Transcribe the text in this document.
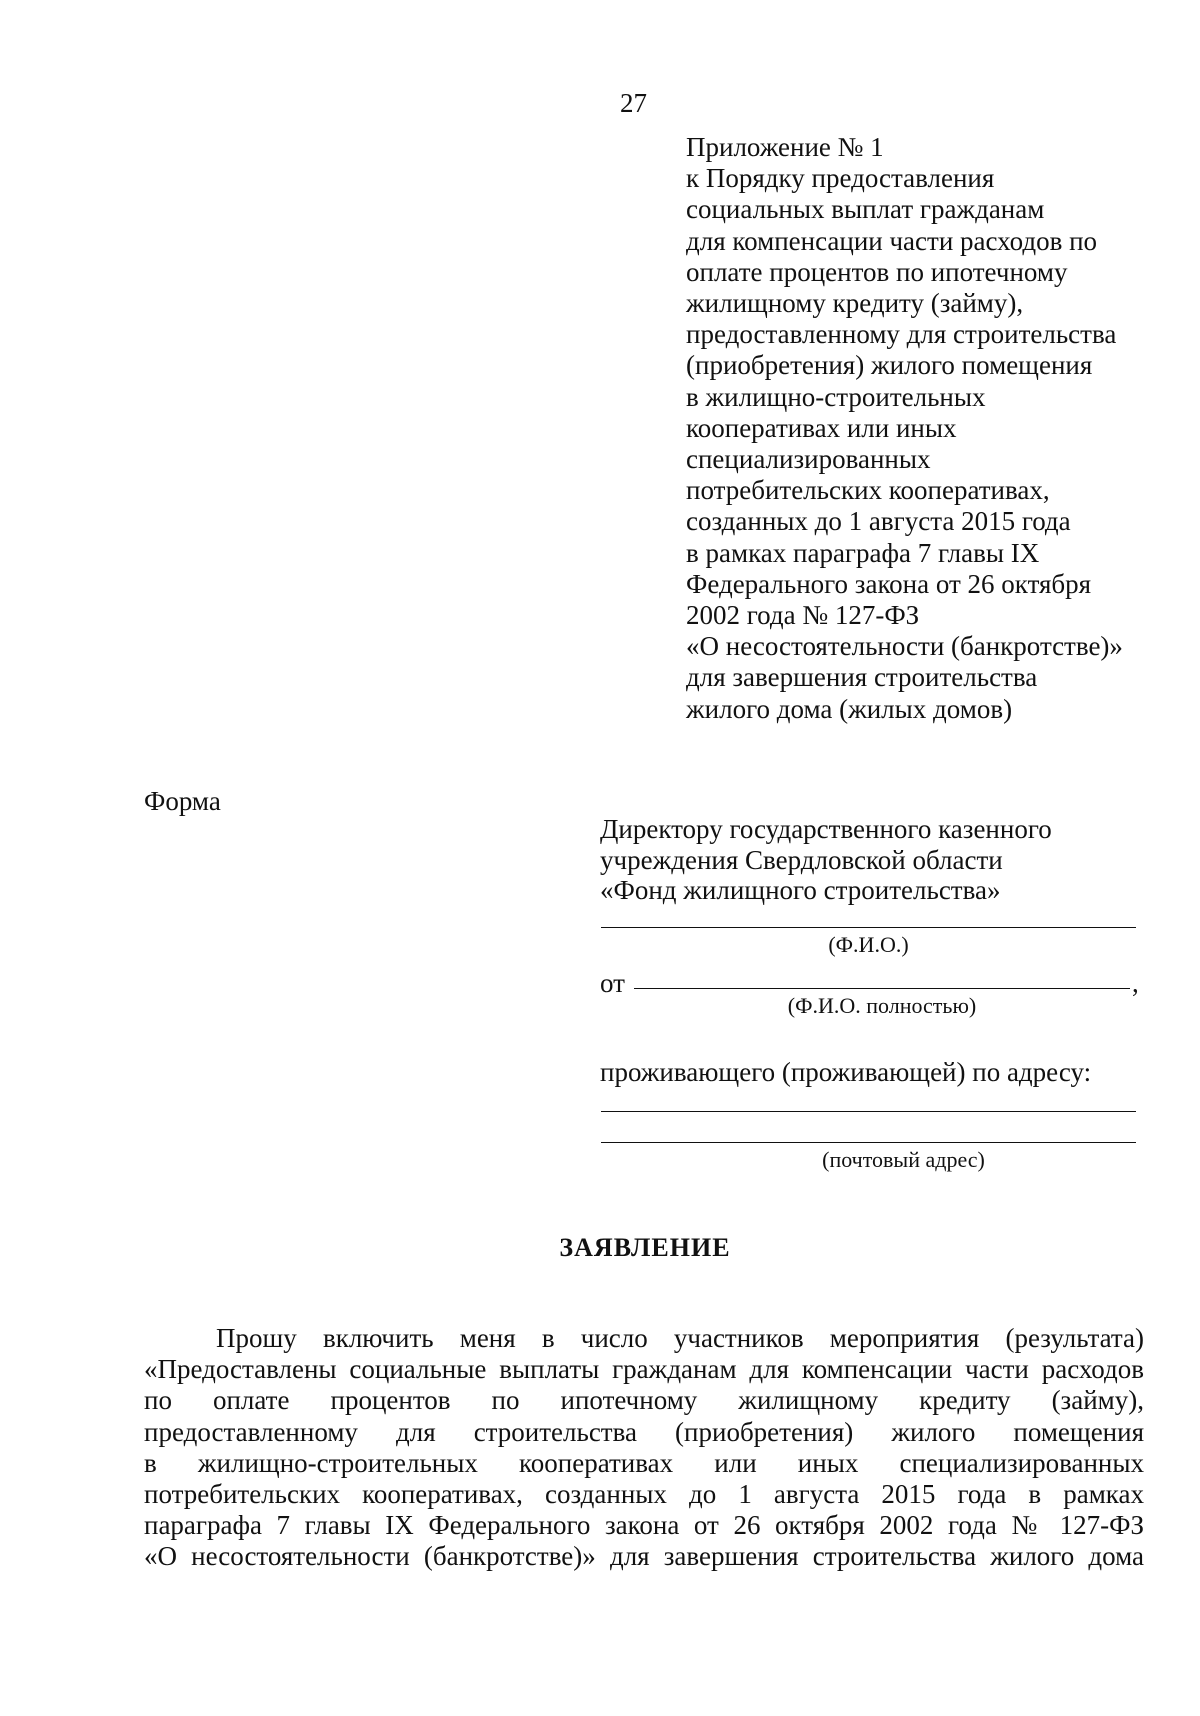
27
Приложение № 1
к Порядку предоставления
социальных выплат гражданам
для компенсации части расходов по
оплате процентов по ипотечному
жилищному кредиту (займу),
предоставленному для строительства
(приобретения) жилого помещения
в жилищно-строительных
кооперативах или иных
специализированных
потребительских кооперативах,
созданных до 1 августа 2015 года
в рамках параграфа 7 главы IX
Федерального закона от 26 октября
2002 года № 127-ФЗ
«О несостоятельности (банкротстве)»
для завершения строительства
жилого дома (жилых домов)
Форма
Директору государственного казенного
учреждения Свердловской области
«Фонд жилищного строительства»
(Ф.И.О.)
от	,
(Ф.И.О. полностью)
проживающего (проживающей) по адресу:
(почтовый адрес)
ЗАЯВЛЕНИЕ
Прошу включить меня в число участников мероприятия (результата)
«Предоставлены социальные выплаты гражданам для компенсации части расходов
по оплате процентов по ипотечному жилищному кредиту (займу),
предоставленному для строительства (приобретения) жилого помещения
в жилищно-строительных кооперативах или иных специализированных
потребительских кооперативах, созданных до 1 августа 2015 года в рамках
параграфа 7 главы IX Федерального закона от 26 октября 2002 года № 127-ФЗ
«О несостоятельности (банкротстве)» для завершения строительства жилого дома
